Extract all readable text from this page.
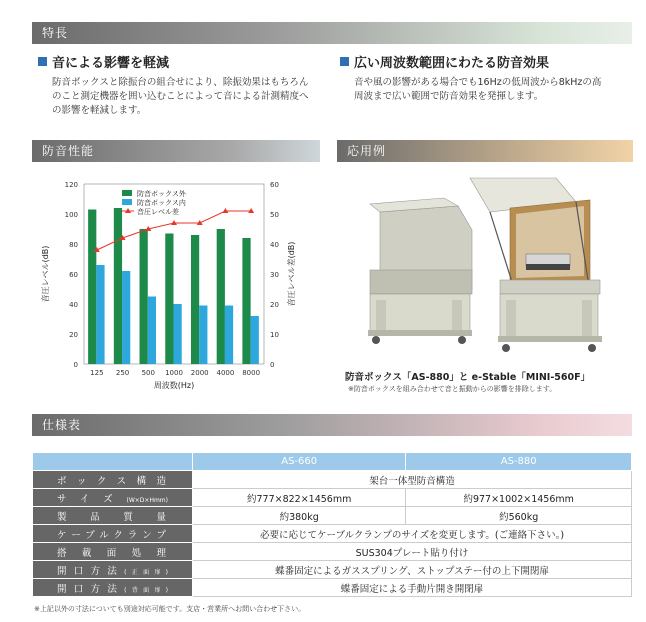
特長
音による影響を軽減
防音ボックスと除振台の組合せにより、除振効果はもちろん
のこと測定機器を囲い込むことによって音による計測精度へ
の影響を軽減します。
広い周波数範囲にわたる防音効果
音や風の影響がある場合でも16Hzの低周波から8kHzの高
周波まで広い範囲で防音効果を発揮します。
防音性能	応用例
0
20
40
60
80
100
120
0
10
20
30
40
50
60
125 250 500 1000 2000 4000 8000
防音ボックス外
防音ボックス内
音圧レベル差
周波数(Hz)
音圧レベル(dB)	音圧レベル差(dB)
防音ボックス「AS-880」と e-Stable「MINI-560F」
※防音ボックスを組み合わせて音と振動からの影響を排除します。
仕様表
	AS-660	AS-880
ボックス構造	架台一体型防音構造	
サイズ(W×D×Hmm)	約777×822×1456mm	約977×1002×1456mm
製品質量	約380kg	約560kg
ケーブルクランプ	必要に応じてケーブルクランプのサイズを変更します。(ご連絡下さい。)	
搭載面処理	SUS304プレート貼り付け	
開口方法(正面扉)	蝶番固定によるガススプリング、ストップステー付の上下開閉扉	
開口方法(背面扉)	蝶番固定による手動片開き開閉扉	
※上記以外の寸法についても別途対応可能です。支店・営業所へお問い合わせ下さい。
